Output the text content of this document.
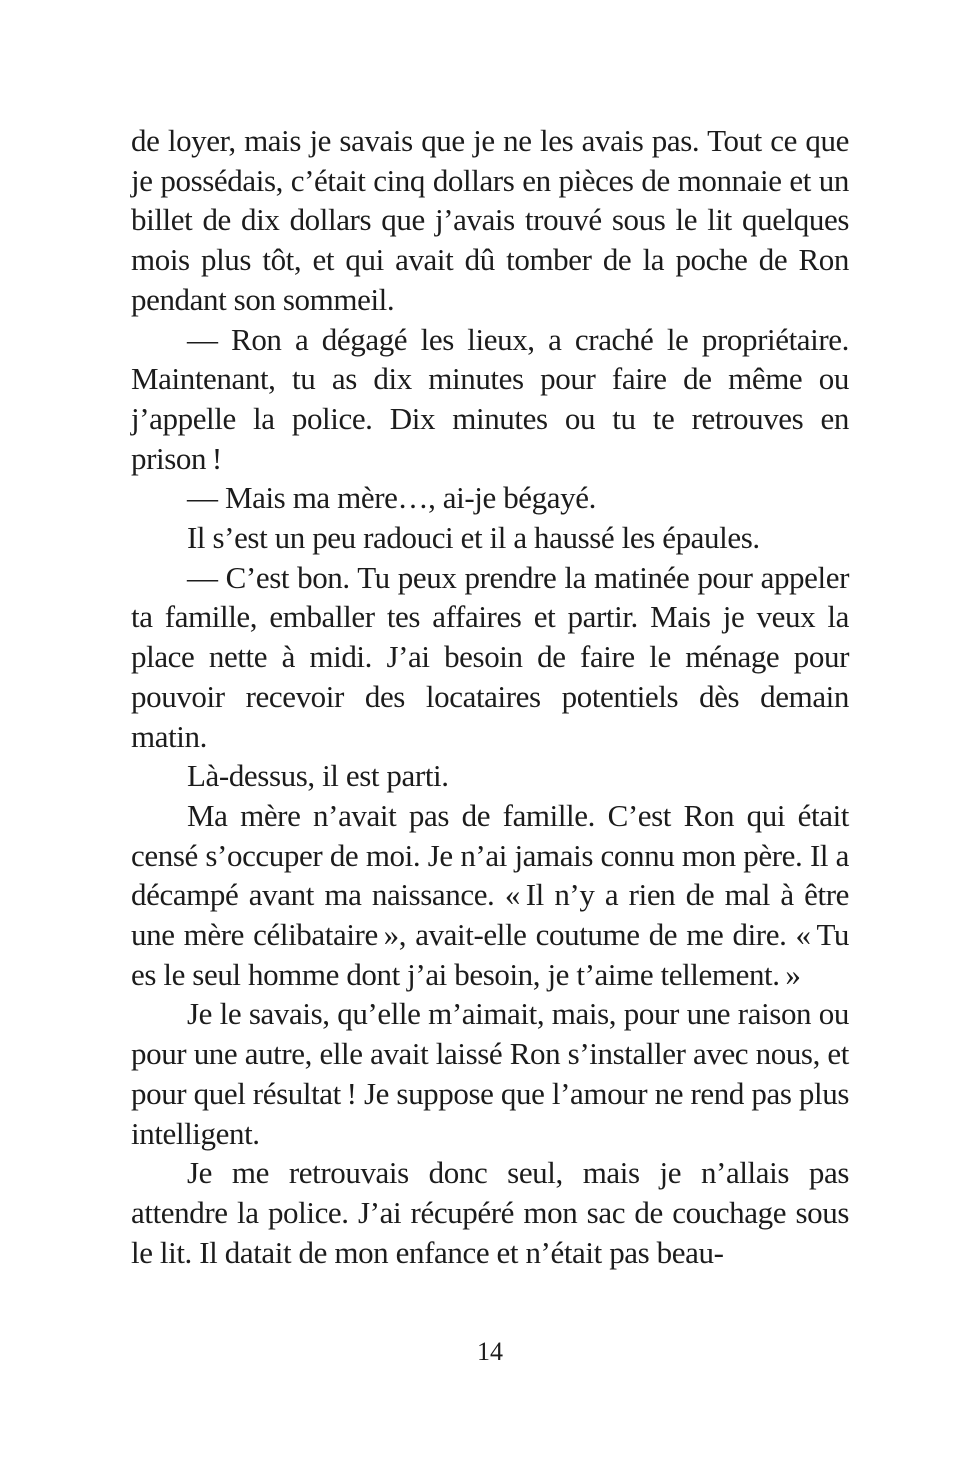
de loyer, mais je savais que je ne les avais pas. Tout ce que je possédais, c’était cinq dollars en pièces de monnaie et un billet de dix dollars que j’avais trouvé sous le lit quelques mois plus tôt, et qui avait dû tomber de la poche de Ron pendant son sommeil.

— Ron a dégagé les lieux, a craché le propriétaire. Maintenant, tu as dix minutes pour faire de même ou j’appelle la police. Dix minutes ou tu te retrouves en prison !

— Mais ma mère…, ai-je bégayé.

Il s’est un peu radouci et il a haussé les épaules.

— C’est bon. Tu peux prendre la matinée pour appeler ta famille, emballer tes affaires et partir. Mais je veux la place nette à midi. J’ai besoin de faire le ménage pour pouvoir recevoir des locataires potentiels dès demain matin.

Là-dessus, il est parti.

Ma mère n’avait pas de famille. C’est Ron qui était censé s’occuper de moi. Je n’ai jamais connu mon père. Il a décampé avant ma naissance. « Il n’y a rien de mal à être une mère célibataire », avait-elle coutume de me dire. « Tu es le seul homme dont j’ai besoin, je t’aime tellement. »

Je le savais, qu’elle m’aimait, mais, pour une raison ou pour une autre, elle avait laissé Ron s’installer avec nous, et pour quel résultat ! Je suppose que l’amour ne rend pas plus intelligent.

Je me retrouvais donc seul, mais je n’allais pas attendre la police. J’ai récupéré mon sac de couchage sous le lit. Il datait de mon enfance et n’était pas beau-

14
